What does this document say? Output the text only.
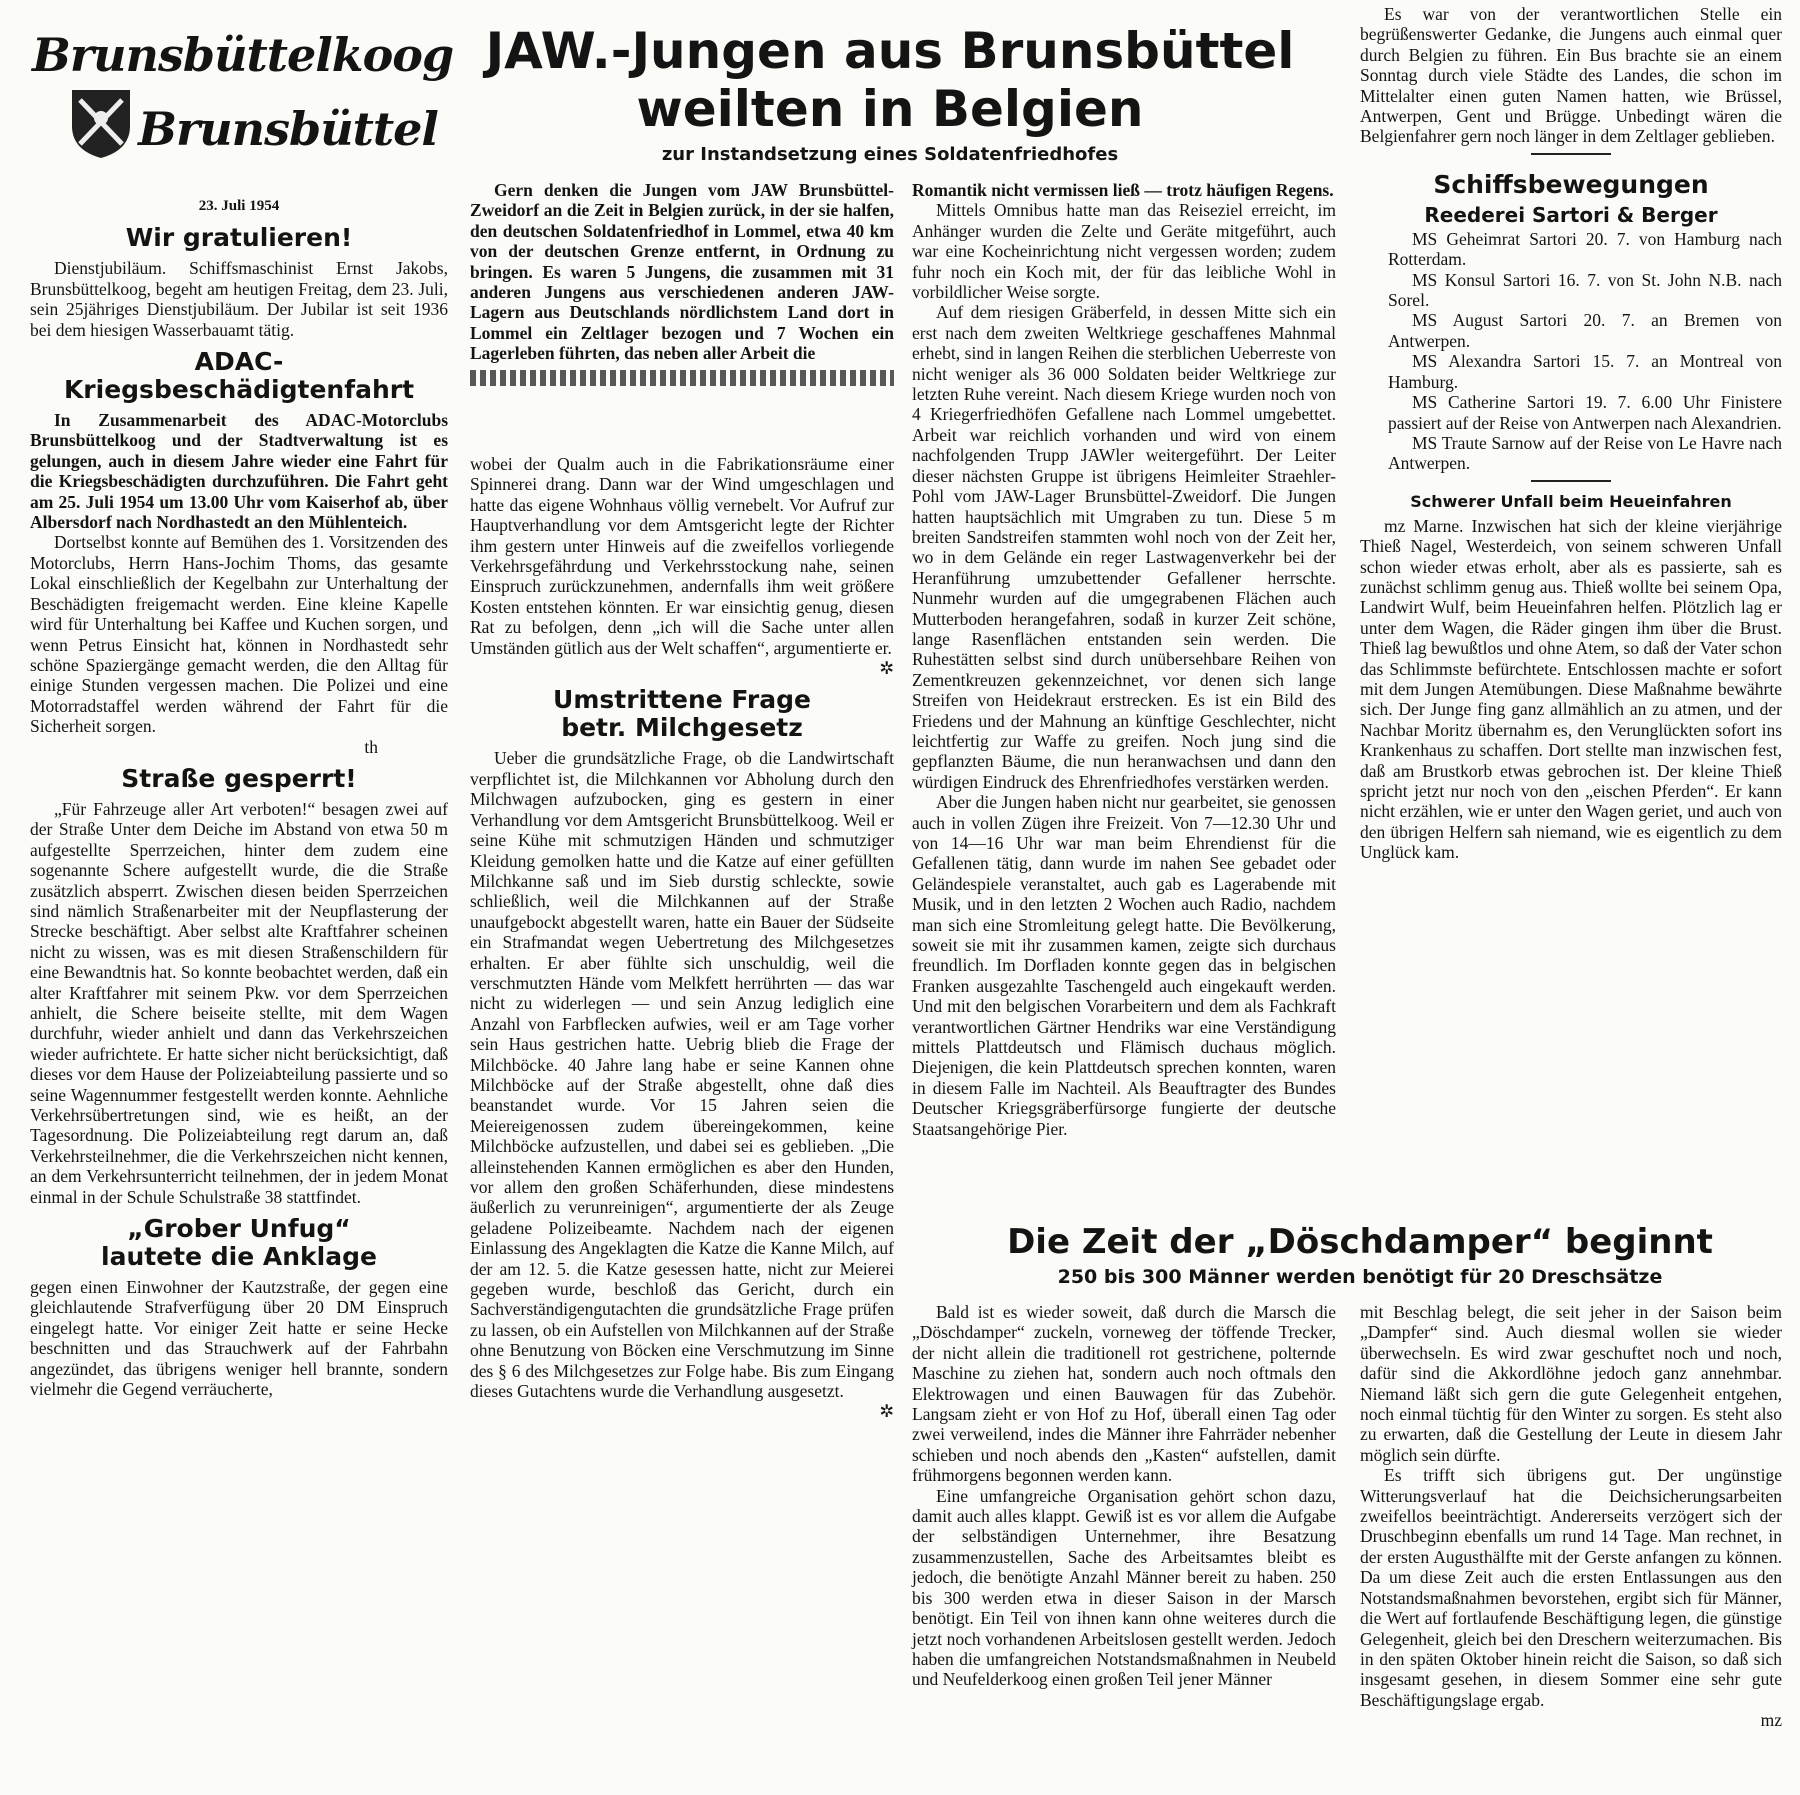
Brunsbüttelkoog
Brunsbüttel
JAW.-Jungen aus Brunsbüttel
weilten in Belgien
zur Instandsetzung eines Soldatenfriedhofes
23. Juli 1954
Wir gratulieren!

Dienstjubiläum. Schiffsmaschinist Ernst Jakobs, Brunsbüttelkoog, begeht am heutigen Freitag, dem 23. Juli, sein 25jähriges Dienstjubiläum. Der Jubilar ist seit 1936 bei dem hiesigen Wasserbauamt tätig.

ADAC-
Kriegsbeschädigtenfahrt

In Zusammenarbeit des ADAC-Motorclubs Brunsbüttelkoog und der Stadtverwaltung ist es gelungen, auch in diesem Jahre wieder eine Fahrt für die Kriegsbeschädigten durchzuführen. Die Fahrt geht am 25. Juli 1954 um 13.00 Uhr vom Kaiserhof ab, über Albersdorf nach Nordhastedt an den Mühlenteich.

Dortselbst konnte auf Bemühen des 1. Vorsitzenden des Motorclubs, Herrn Hans-Jochim Thoms, das gesamte Lokal einschließlich der Kegelbahn zur Unterhaltung der Beschädigten freigemacht werden. Eine kleine Kapelle wird für Unterhaltung bei Kaffee und Kuchen sorgen, und wenn Petrus Einsicht hat, können in Nordhastedt sehr schöne Spaziergänge gemacht werden, die den Alltag für einige Stunden vergessen machen. Die Polizei und eine Motorradstaffel werden während der Fahrt für die Sicherheit sorgen.

th
Straße gesperrt!

„Für Fahrzeuge aller Art verboten!“ besagen zwei auf der Straße Unter dem Deiche im Abstand von etwa 50 m aufgestellte Sperrzeichen, hinter dem zudem eine sogenannte Schere aufgestellt wurde, die die Straße zusätzlich absperrt. Zwischen diesen beiden Sperrzeichen sind nämlich Straßenarbeiter mit der Neupflasterung der Strecke beschäftigt. Aber selbst alte Kraftfahrer scheinen nicht zu wissen, was es mit diesen Straßenschildern für eine Bewandtnis hat. So konnte beobachtet werden, daß ein alter Kraftfahrer mit seinem Pkw. vor dem Sperrzeichen anhielt, die Schere beiseite stellte, mit dem Wagen durchfuhr, wieder anhielt und dann das Verkehrszeichen wieder aufrichtete. Er hatte sicher nicht berücksichtigt, daß dieses vor dem Hause der Polizeiabteilung passierte und so seine Wagennummer festgestellt werden konnte. Aehnliche Verkehrsübertretungen sind, wie es heißt, an der Tagesordnung. Die Polizeiabteilung regt darum an, daß Verkehrsteilnehmer, die die Verkehrszeichen nicht kennen, an dem Verkehrsunterricht teilnehmen, der in jedem Monat einmal in der Schule Schulstraße 38 stattfindet.

„Grober Unfug“
lautete die Anklage

gegen einen Einwohner der Kautzstraße, der gegen eine gleichlautende Strafverfügung über 20 DM Einspruch eingelegt hatte. Vor einiger Zeit hatte er seine Hecke beschnitten und das Strauchwerk auf der Fahrbahn angezündet, das übrigens weniger hell brannte, sondern vielmehr die Gegend verräucherte,

Gern denken die Jungen vom JAW Brunsbüttel-Zweidorf an die Zeit in Belgien zurück, in der sie halfen, den deutschen Soldatenfriedhof in Lommel, etwa 40 km von der deutschen Grenze entfernt, in Ordnung zu bringen. Es waren 5 Jungens, die zusammen mit 31 anderen Jungens aus verschiedenen anderen JAW-Lagern aus Deutschlands nördlichstem Land dort in Lommel ein Zeltlager bezogen und 7 Wochen ein Lagerleben führten, das neben aller Arbeit die

wobei der Qualm auch in die Fabrikationsräume einer Spinnerei drang. Dann war der Wind umgeschlagen und hatte das eigene Wohnhaus völlig vernebelt. Vor Aufruf zur Hauptverhandlung vor dem Amtsgericht legte der Richter ihm gestern unter Hinweis auf die zweifellos vorliegende Verkehrsgefährdung und Verkehrsstockung nahe, seinen Einspruch zurückzunehmen, andernfalls ihm weit größere Kosten entstehen könnten. Er war einsichtig genug, diesen Rat zu befolgen, denn „ich will die Sache unter allen Umständen gütlich aus der Welt schaffen“, argumentierte er.

✲
Umstrittene Frage
betr. Milchgesetz

Ueber die grundsätzliche Frage, ob die Landwirtschaft verpflichtet ist, die Milchkannen vor Abholung durch den Milchwagen aufzubocken, ging es gestern in einer Verhandlung vor dem Amtsgericht Brunsbüttelkoog. Weil er seine Kühe mit schmutzigen Händen und schmutziger Kleidung gemolken hatte und die Katze auf einer gefüllten Milchkanne saß und im Sieb durstig schleckte, sowie schließlich, weil die Milchkannen auf der Straße unaufgebockt abgestellt waren, hatte ein Bauer der Südseite ein Strafmandat wegen Uebertretung des Milchgesetzes erhalten. Er aber fühlte sich unschuldig, weil die verschmutzten Hände vom Melkfett herrührten — das war nicht zu widerlegen — und sein Anzug lediglich eine Anzahl von Farbflecken aufwies, weil er am Tage vorher sein Haus gestrichen hatte. Uebrig blieb die Frage der Milchböcke. 40 Jahre lang habe er seine Kannen ohne Milchböcke auf der Straße abgestellt, ohne daß dies beanstandet wurde. Vor 15 Jahren seien die Meiereigenossen zudem übereingekommen, keine Milchböcke aufzustellen, und dabei sei es geblieben. „Die alleinstehenden Kannen ermöglichen es aber den Hunden, vor allem den großen Schäferhunden, diese mindestens äußerlich zu verunreinigen“, argumentierte der als Zeuge geladene Polizeibeamte. Nachdem nach der eigenen Einlassung des Angeklagten die Katze die Kanne Milch, auf der am 12. 5. die Katze gesessen hatte, nicht zur Meierei gegeben wurde, beschloß das Gericht, durch ein Sachverständigengutachten die grundsätzliche Frage prüfen zu lassen, ob ein Aufstellen von Milchkannen auf der Straße ohne Benutzung von Böcken eine Verschmutzung im Sinne des § 6 des Milchgesetzes zur Folge habe. Bis zum Eingang dieses Gutachtens wurde die Verhandlung ausgesetzt.

✲

Romantik nicht vermissen ließ — trotz häufigen Regens.

Mittels Omnibus hatte man das Reiseziel erreicht, im Anhänger wurden die Zelte und Geräte mitgeführt, auch war eine Kocheinrichtung nicht vergessen worden; zudem fuhr noch ein Koch mit, der für das leibliche Wohl in vorbildlicher Weise sorgte.

Auf dem riesigen Gräberfeld, in dessen Mitte sich ein erst nach dem zweiten Weltkriege geschaffenes Mahnmal erhebt, sind in langen Reihen die sterblichen Ueberreste von nicht weniger als 36 000 Soldaten beider Weltkriege zur letzten Ruhe vereint. Nach diesem Kriege wurden noch von 4 Kriegerfriedhöfen Gefallene nach Lommel umgebettet. Arbeit war reichlich vorhanden und wird von einem nachfolgenden Trupp JAWler weitergeführt. Der Leiter dieser nächsten Gruppe ist übrigens Heimleiter Straehler-Pohl vom JAW-Lager Brunsbüttel-Zweidorf. Die Jungen hatten hauptsächlich mit Umgraben zu tun. Diese 5 m breiten Sandstreifen stammten wohl noch von der Zeit her, wo in dem Gelände ein reger Lastwagenverkehr bei der Heranführung umzubettender Gefallener herrschte. Nunmehr wurden auf die umgegrabenen Flächen auch Mutterboden herangefahren, sodaß in kurzer Zeit schöne, lange Rasenflächen entstanden sein werden. Die Ruhestätten selbst sind durch unübersehbare Reihen von Zementkreuzen gekennzeichnet, vor denen sich lange Streifen von Heidekraut erstrecken. Es ist ein Bild des Friedens und der Mahnung an künftige Geschlechter, nicht leichtfertig zur Waffe zu greifen. Noch jung sind die gepflanzten Bäume, die nun heranwachsen und dann den würdigen Eindruck des Ehrenfriedhofes verstärken werden.

Aber die Jungen haben nicht nur gearbeitet, sie genossen auch in vollen Zügen ihre Freizeit. Von 7—12.30 Uhr und von 14—16 Uhr war man beim Ehrendienst für die Gefallenen tätig, dann wurde im nahen See gebadet oder Geländespiele veranstaltet, auch gab es Lagerabende mit Musik, und in den letzten 2 Wochen auch Radio, nachdem man sich eine Stromleitung gelegt hatte. Die Bevölkerung, soweit sie mit ihr zusammen kamen, zeigte sich durchaus freundlich. Im Dorfladen konnte gegen das in belgischen Franken ausgezahlte Taschengeld auch eingekauft werden. Und mit den belgischen Vorarbeitern und dem als Fachkraft verantwortlichen Gärtner Hendriks war eine Verständigung mittels Plattdeutsch und Flämisch duchaus möglich. Diejenigen, die kein Plattdeutsch sprechen konnten, waren in diesem Falle im Nachteil. Als Beauftragter des Bundes Deutscher Kriegsgräberfürsorge fungierte der deutsche Staatsangehörige Pier.

Es war von der verantwortlichen Stelle ein begrüßenswerter Gedanke, die Jungens auch einmal quer durch Belgien zu führen. Ein Bus brachte sie an einem Sonntag durch viele Städte des Landes, die schon im Mittelalter einen guten Namen hatten, wie Brüssel, Antwerpen, Gent und Brügge. Unbedingt wären die Belgienfahrer gern noch länger in dem Zeltlager geblieben.

Schiffsbewegungen
Reederei Sartori & Berger

MS Geheimrat Sartori 20. 7. von Hamburg nach Rotterdam.

MS Konsul Sartori 16. 7. von St. John N.B. nach Sorel.

MS August Sartori 20. 7. an Bremen von Antwerpen.

MS Alexandra Sartori 15. 7. an Montreal von Hamburg.

MS Catherine Sartori 19. 7. 6.00 Uhr Finistere passiert auf der Reise von Antwerpen nach Alexandrien.

MS Traute Sarnow auf der Reise von Le Havre nach Antwerpen.

Schwerer Unfall beim Heueinfahren

mz Marne. Inzwischen hat sich der kleine vierjährige Thieß Nagel, Westerdeich, von seinem schweren Unfall schon wieder etwas erholt, aber als es passierte, sah es zunächst schlimm genug aus. Thieß wollte bei seinem Opa, Landwirt Wulf, beim Heueinfahren helfen. Plötzlich lag er unter dem Wagen, die Räder gingen ihm über die Brust. Thieß lag bewußtlos und ohne Atem, so daß der Vater schon das Schlimmste befürchtete. Entschlossen machte er sofort mit dem Jungen Atemübungen. Diese Maßnahme bewährte sich. Der Junge fing ganz allmählich an zu atmen, und der Nachbar Moritz übernahm es, den Verunglückten sofort ins Krankenhaus zu schaffen. Dort stellte man inzwischen fest, daß am Brustkorb etwas gebrochen ist. Der kleine Thieß spricht jetzt nur noch von den „eischen Pferden“. Er kann nicht erzählen, wie er unter den Wagen geriet, und auch von den übrigen Helfern sah niemand, wie es eigentlich zu dem Unglück kam.

Die Zeit der „Döschdamper“ beginnt
250 bis 300 Männer werden benötigt für 20 Dreschsätze

Bald ist es wieder soweit, daß durch die Marsch die „Döschdamper“ zuckeln, vorneweg der töffende Trecker, der nicht allein die traditionell rot gestrichene, polternde Maschine zu ziehen hat, sondern auch noch oftmals den Elektrowagen und einen Bauwagen für das Zubehör. Langsam zieht er von Hof zu Hof, überall einen Tag oder zwei verweilend, indes die Männer ihre Fahrräder nebenher schieben und noch abends den „Kasten“ aufstellen, damit frühmorgens begonnen werden kann.

Eine umfangreiche Organisation gehört schon dazu, damit auch alles klappt. Gewiß ist es vor allem die Aufgabe der selbständigen Unternehmer, ihre Besatzung zusammenzustellen, Sache des Arbeitsamtes bleibt es jedoch, die benötigte Anzahl Männer bereit zu haben. 250 bis 300 werden etwa in dieser Saison in der Marsch benötigt. Ein Teil von ihnen kann ohne weiteres durch die jetzt noch vorhandenen Arbeitslosen gestellt werden. Jedoch haben die umfangreichen Notstandsmaßnahmen in Neubeld und Neufelderkoog einen großen Teil jener Männer

mit Beschlag belegt, die seit jeher in der Saison beim „Dampfer“ sind. Auch diesmal wollen sie wieder überwechseln. Es wird zwar geschuftet noch und noch, dafür sind die Akkordlöhne jedoch ganz annehmbar. Niemand läßt sich gern die gute Gelegenheit entgehen, noch einmal tüchtig für den Winter zu sorgen. Es steht also zu erwarten, daß die Gestellung der Leute in diesem Jahr möglich sein dürfte.

Es trifft sich übrigens gut. Der ungünstige Witterungsverlauf hat die Deichsicherungsarbeiten zweifellos beeinträchtigt. Andererseits verzögert sich der Druschbeginn ebenfalls um rund 14 Tage. Man rechnet, in der ersten Augusthälfte mit der Gerste anfangen zu können. Da um diese Zeit auch die ersten Entlassungen aus den Notstandsmaßnahmen bevorstehen, ergibt sich für Männer, die Wert auf fortlaufende Beschäftigung legen, die günstige Gelegenheit, gleich bei den Dreschern weiterzumachen. Bis in den späten Oktober hinein reicht die Saison, so daß sich insgesamt gesehen, in diesem Sommer eine sehr gute Beschäftigungslage ergab.

mz
